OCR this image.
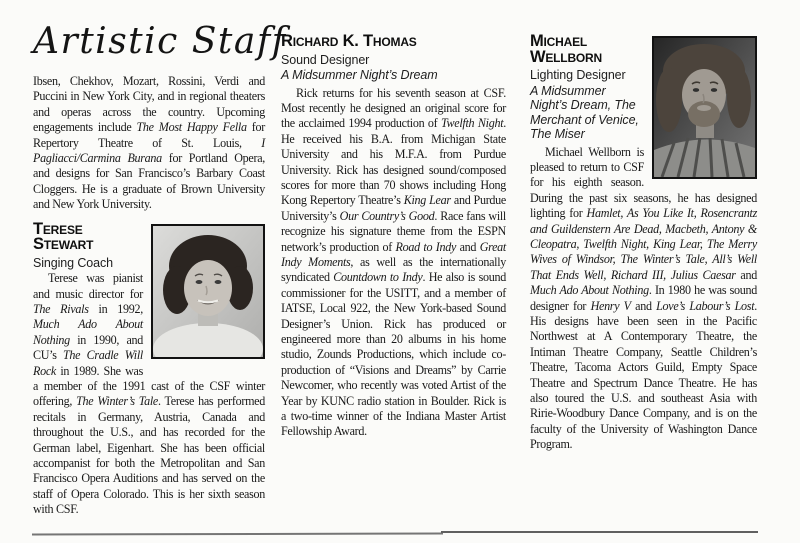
Artistic Staff

Ibsen, Chekhov, Mozart, Rossini, Verdi and Puccini in New York City, and in regional theaters and operas across the country. Upcoming engagements include The Most Happy Fella for Repertory Theatre of St. Louis, I Pagliacci/Carmina Burana for Portland Opera, and designs for San Francisco’s Barbary Coast Cloggers. He is a graduate of Brown University and New York University.

Terese Stewart
Singing Coach

Terese was pianist and music director for The Rivals in 1992, Much Ado About Nothing in 1990, and CU’s The Cradle Will Rock in 1989. She was a member of the 1991 cast of the CSF winter offering, The Winter’s Tale. Terese has performed recitals in Germany, Austria, Canada and throughout the U.S., and has recorded for the German label, Eigenhart. She has been official accompanist for both the Metropolitan and San Francisco Opera Auditions and has served on the staff of Opera Colorado. This is her sixth season with CSF.

Richard K. Thomas
Sound Designer
A Midsummer Night’s Dream

Rick returns for his seventh season at CSF. Most recently he designed an original score for the acclaimed 1994 production of Twelfth Night. He received his B.A. from Michigan State University and his M.F.A. from Purdue University. Rick has designed sound/composed scores for more than 70 shows including Hong Kong Repertory Theatre’s King Lear and Purdue University’s Our Country’s Good. Race fans will recognize his signature theme from the ESPN network’s production of Road to Indy and Great Indy Moments, as well as the internationally syndicated Countdown to Indy. He also is sound commissioner for the USITT, and a member of IATSE, Local 922, the New York-based Sound Designer’s Union. Rick has produced or engineered more than 20 albums in his home studio, Zounds Productions, which include co-production of “Visions and Dreams” by Carrie Newcomer, who recently was voted Artist of the Year by KUNC radio station in Boulder. Rick is a two-time winner of the Indiana Master Artist Fellowship Award.

Michael Wellborn
Lighting Designer
A Midsummer Night’s Dream, The Merchant of Venice, The Miser

Michael Wellborn is pleased to return to CSF for his eighth season. During the past six seasons, he has designed lighting for Hamlet, As You Like It, Rosencrantz and Guildenstern Are Dead, Macbeth, Antony & Cleopatra, Twelfth Night, King Lear, The Merry Wives of Windsor, The Winter’s Tale, All’s Well That Ends Well, Richard III, Julius Caesar and Much Ado About Nothing. In 1980 he was sound designer for Henry V and Love’s Labour’s Lost. His designs have been seen in the Pacific Northwest at A Contemporary Theatre, the Intiman Theatre Company, Seattle Children’s Theatre, Tacoma Actors Guild, Empty Space Theatre and Spectrum Dance Theatre. He has also toured the U.S. and southeast Asia with Ririe-Woodbury Dance Company, and is on the faculty of the University of Washington Dance Program.
